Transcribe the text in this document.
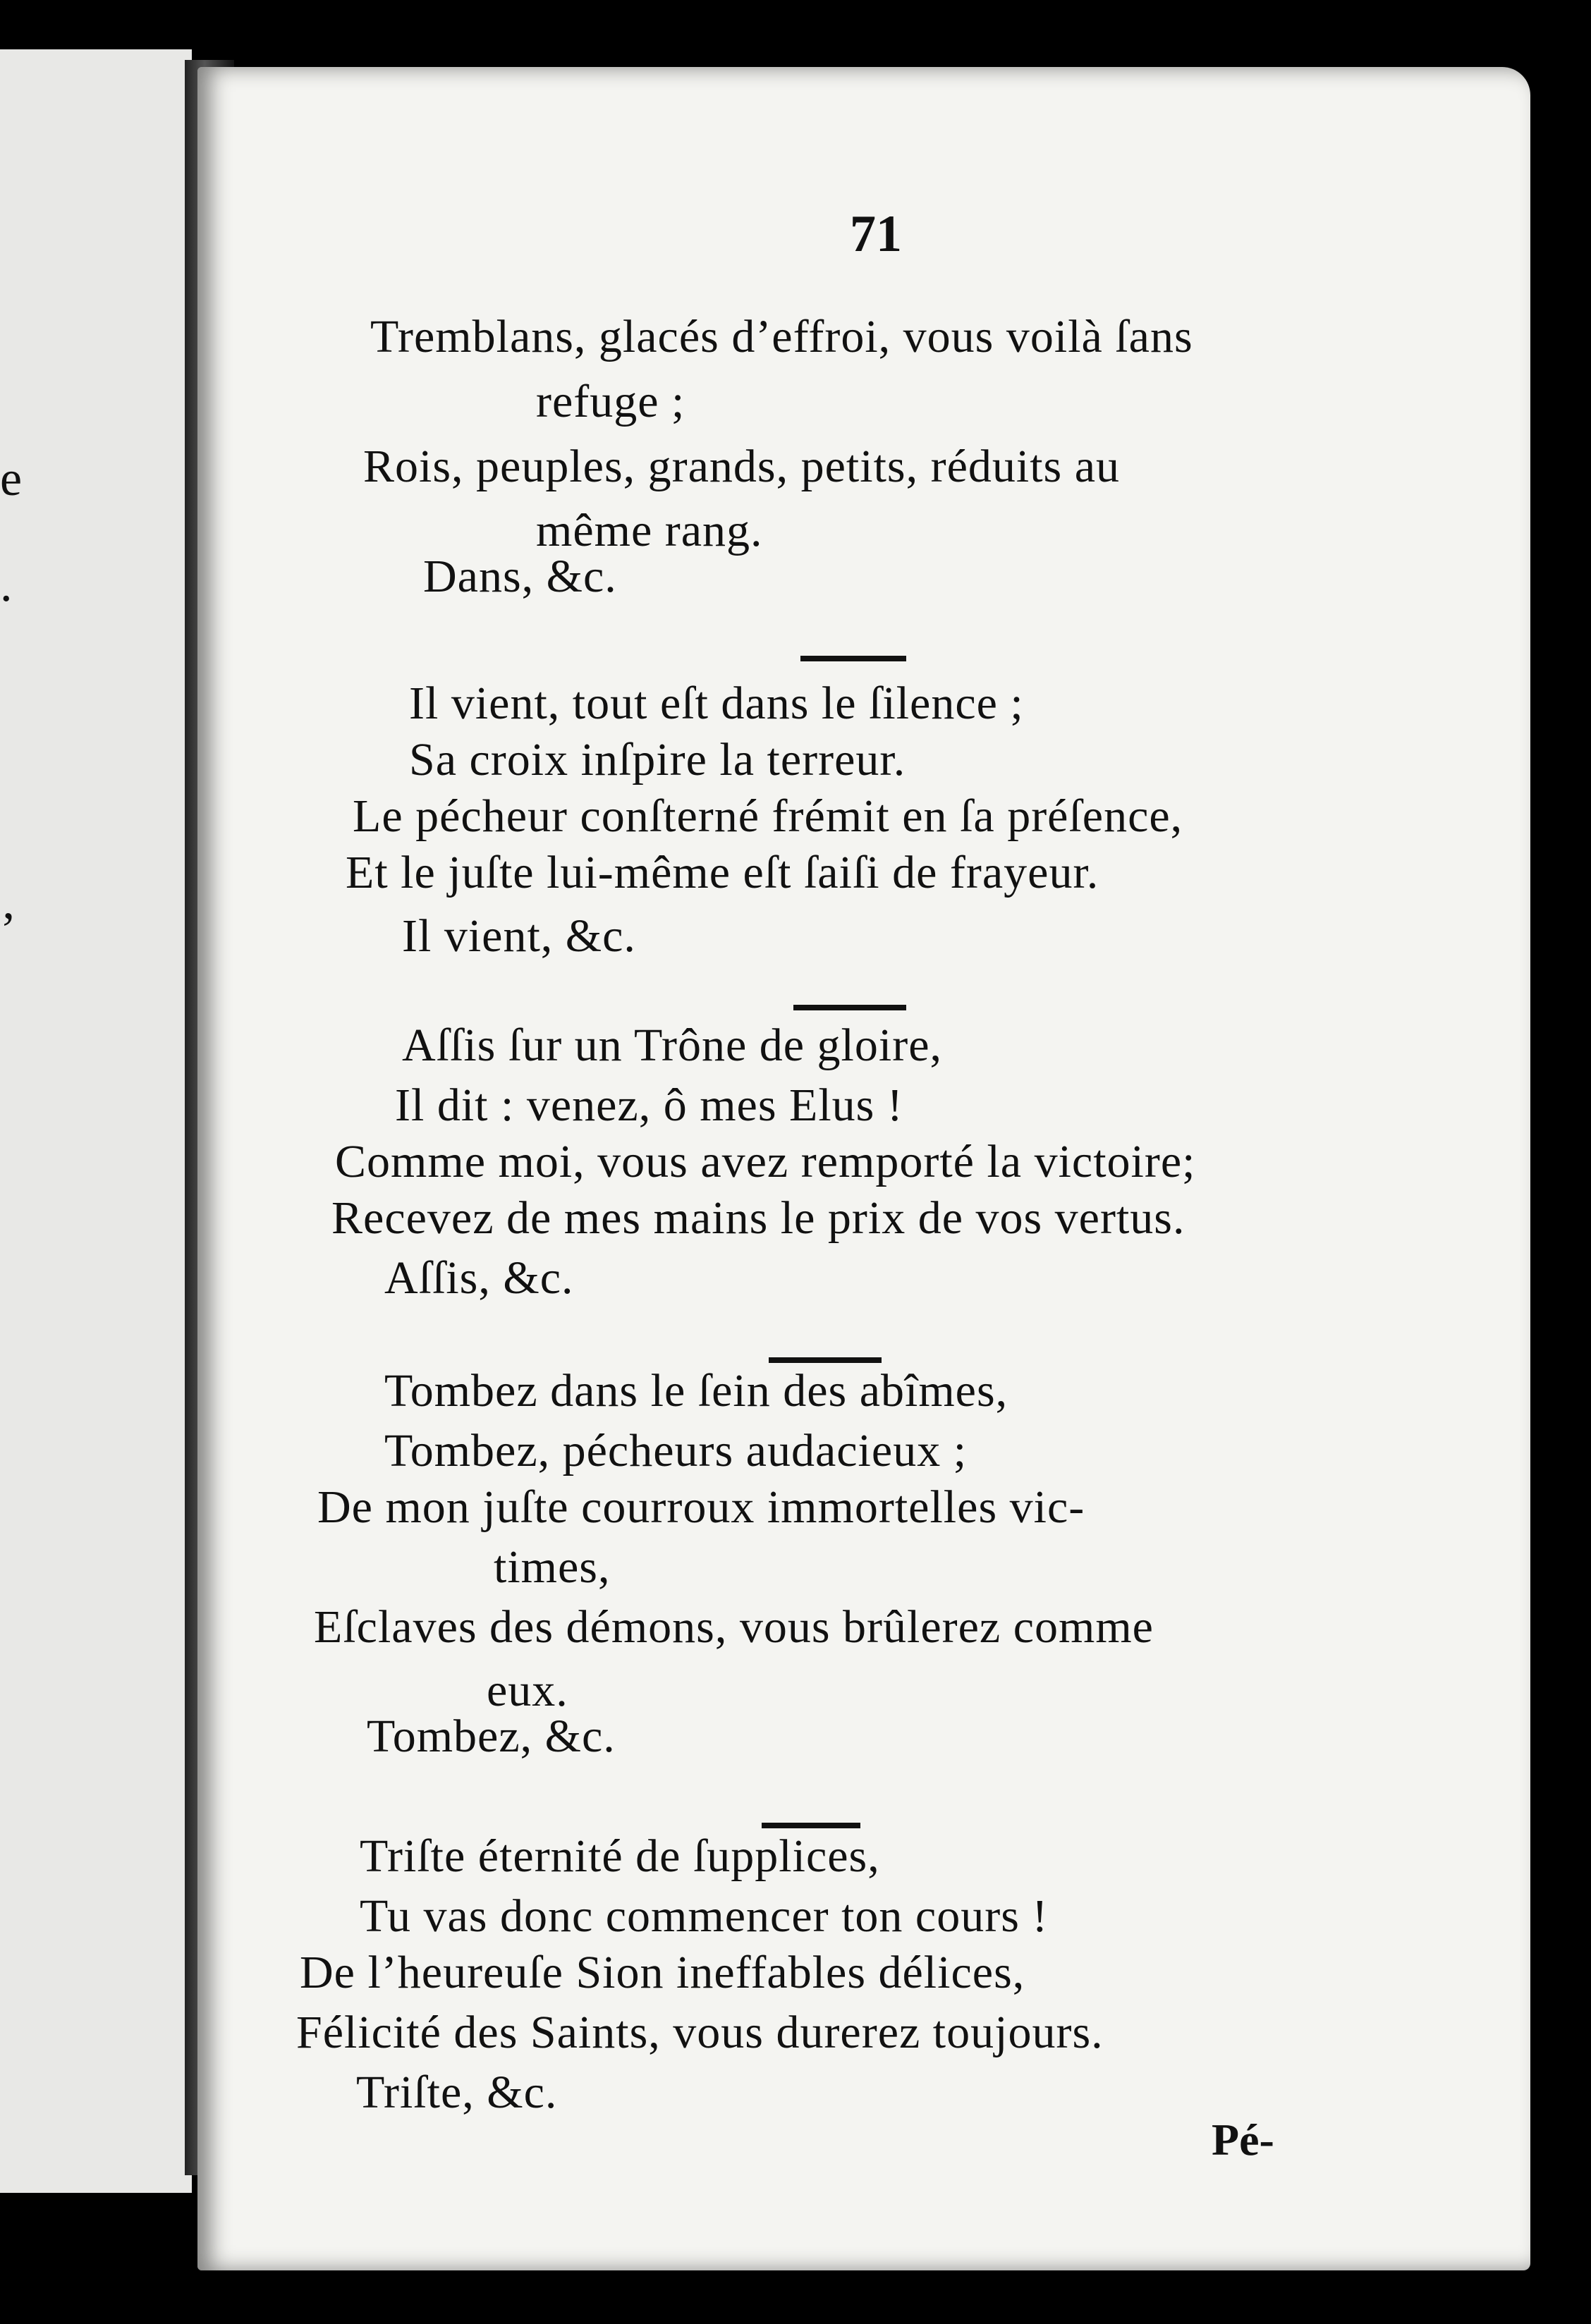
e
.
‚
71
Tremblans, glacés d’effroi, vous voilà ſans
refuge ;
Rois, peuples, grands, petits, réduits au
même rang.
Dans, &c.
Il vient, tout eſt dans le ſilence ;
Sa croix inſpire la terreur.
Le pécheur conſterné frémit en ſa préſence,
Et le juſte lui-même eſt ſaiſi de frayeur.
Il vient, &c.
Aſſis ſur un Trône de gloire,
Il dit : venez, ô mes Elus !
Comme moi, vous avez remporté la victoire;
Recevez de mes mains le prix de vos vertus.
Aſſis, &c.
Tombez dans le ſein des abîmes,
Tombez, pécheurs audacieux ;
De mon juſte courroux immortelles vic-
times,
Eſclaves des démons, vous brûlerez comme
eux.
Tombez, &c.
Triſte éternité de ſupplices,
Tu vas donc commencer ton cours !
De l’heureuſe Sion ineffables délices,
Félicité des Saints, vous durerez toujours.
Triſte, &c.
Pé-
